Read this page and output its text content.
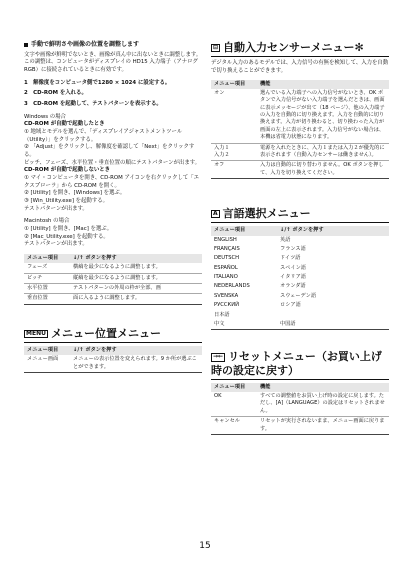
手動で鮮明さや画像の位置を調整します

文字や画像が鮮明でないとき、画像が真ん中に出ないときに調整します。この調整は、コンピュータがディスプレイの HD15 入力端子（アナログ RGB）に接続されているときに有効です。

1　解像度をコンピュータ側で1280 × 1024 に設定する。

2　CD-ROM を入れる。

3　CD-ROM を起動して、テストパターンを表示する。

Windows の場合

CD-ROM が自動で起動したとき

① 地域とモデルを選んで、「ディスプレイアジャストメントツール（Utility）」をクリックする。

② 「Adjust」をクリックし、解像度を確認して「Next」をクリックする。

ピッチ、フェーズ、水平位置・垂直位置の順にテストパターンが出ます。

CD-ROM が自動で起動しないとき

① マイ・コンピュータを開き、CD-ROM アイコンを右クリックして「エクスプローラ」から CD-ROM を開く。

② [Utility] を開き、[Windows] を選ぶ。

③ [Win_Utility.exe] を起動する。

テストパターンが出ます。

Macintosh の場合

① [Utility] を開き、[Mac] を選ぶ。

② [Mac_Utility.exe] を起動する。

テストパターンが出ます。

メニュー項目	↓/↑ ボタンを押す
フェーズ	横縞を最少になるように調整します。
ピッチ	縦縞を最少になるように調整します。
水平位置	テストパターンの外周の枠が全部、画
垂直位置	面に入るように調整します。
MENU メニュー位置メニュー
メニュー項目	↓/↑ ボタンを押す
メニュー画面	メニューの表示位置を変えられます。9 か所が選ぶことができます。
⊟ 自動入力センサーメニュー✻

デジタル入力のあるモデルでは、入力信号の有無を検知して、入力を自動で切り換えることができます。

メニュー項目	機能
オン	選んでいる入力端子への入力信号がないとき、OK ボタンで入力信号がない入力端子を選んだときは、画面に表示メッセージが出て（18 ページ）、他の入力端子の入力を自動的に切り換えます。入力を自動的に切り換えます。入力が切り換わると、切り換わった入力が画面の左上に表示されます。入力信号がない場合は、本機は省電力状態になります。
入力１
入力２	電源を入れたときに、入力１または入力２が優先的に表示されます（自動入力センサーは働きません）。
オフ	入力は自動的に切り替わりません。OK ボタンを押して、入力を切り換えてください。
A 言語選択メニュー
メニュー項目	↓/↑ ボタンを押す
ENGLISH	英語
FRANÇAIS	フランス語
DEUTSCH	ドイツ語
ESPAÑOL	スペイン語
ITALIANO	イタリア語
NEDERLANDS	オランダ語
SVENSKA	スウェーデン語
РУССКИЙ	ロシア語
日本語	
中文	中国語
→← リセットメニュー（お買い上げ時の設定に戻す）
メニュー項目	機能
OK	すべての調整値をお買い上げ時の設定に戻します。ただし、[A]（LANGUAGE）の設定はリセットされません。
キャンセル	リセットが実行されないまま、メニュー画面に戻ります。
15
